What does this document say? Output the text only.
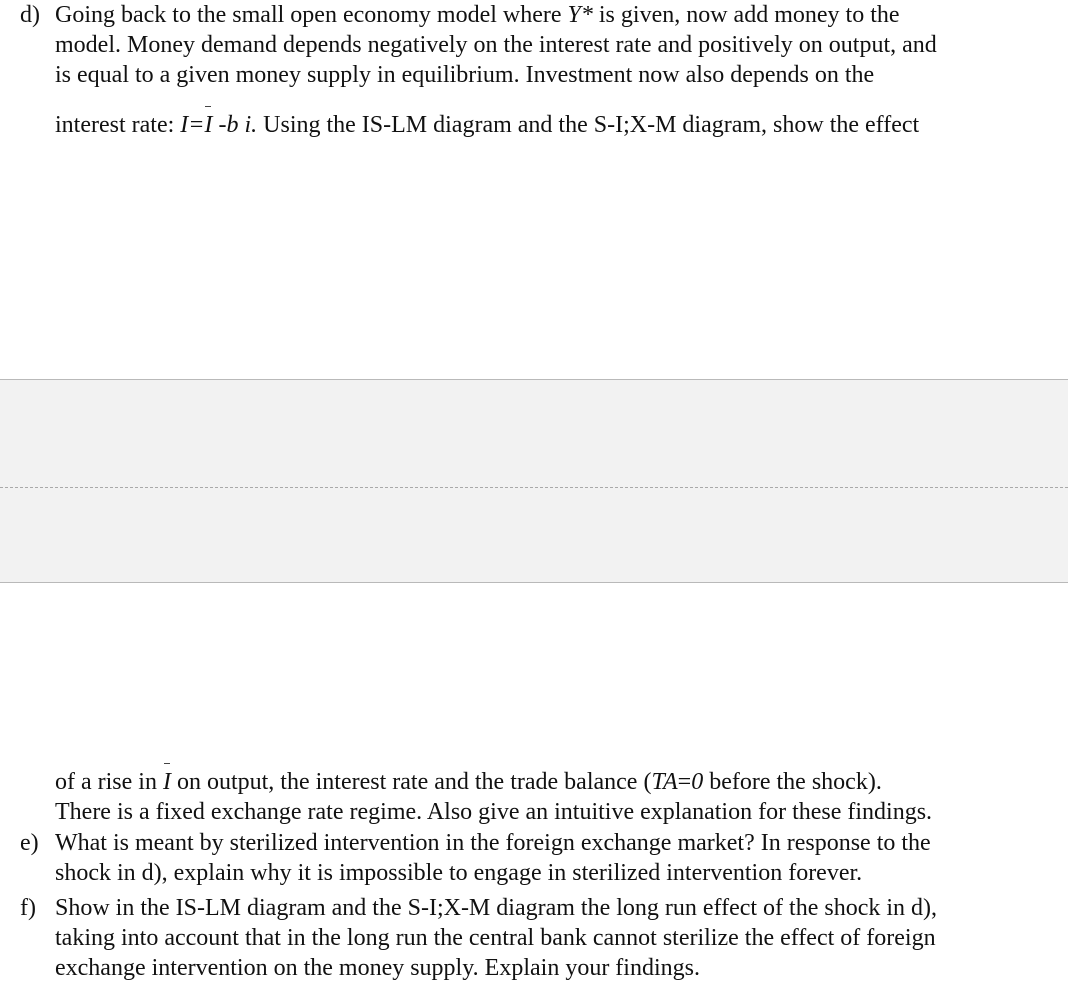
d) Going back to the small open economy model where Y* is given, now add money to the
model. Money demand depends negatively on the interest rate and positively on output, and
is equal to a given money supply in equilibrium. Investment now also depends on the
interest rate: I=I -b i. Using the IS-LM diagram and the S-I;X-M diagram, show the effect
of a rise in I on output, the interest rate and the trade balance (TA=0 before the shock).
There is a fixed exchange rate regime. Also give an intuitive explanation for these findings.
e) What is meant by sterilized intervention in the foreign exchange market? In response to the
shock in d), explain why it is impossible to engage in sterilized intervention forever.
f) Show in the IS-LM diagram and the S-I;X-M diagram the long run effect of the shock in d),
taking into account that in the long run the central bank cannot sterilize the effect of foreign
exchange intervention on the money supply. Explain your findings.
